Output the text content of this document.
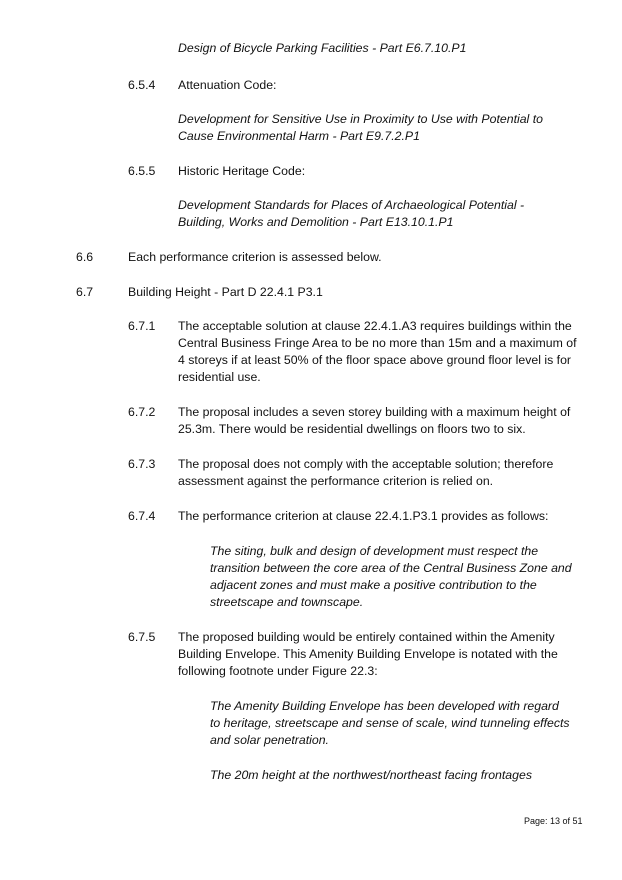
Design of Bicycle Parking Facilities - Part E6.7.10.P1
6.5.4 Attenuation Code:
Development for Sensitive Use in Proximity to Use with Potential to
Cause Environmental Harm - Part E9.7.2.P1
6.5.5 Historic Heritage Code:
Development Standards for Places of Archaeological Potential -
Building, Works and Demolition - Part E13.10.1.P1
6.6	Each performance criterion is assessed below.
6.7	Building Height - Part D 22.4.1 P3.1
6.7.1 The acceptable solution at clause 22.4.1.A3 requires buildings within the
Central Business Fringe Area to be no more than 15m and a maximum of
4 storeys if at least 50% of the floor space above ground floor level is for
residential use.
6.7.2 The proposal includes a seven storey building with a maximum height of
25.3m. There would be residential dwellings on floors two to six.
6.7.3 The proposal does not comply with the acceptable solution; therefore
assessment against the performance criterion is relied on.
6.7.4 The performance criterion at clause 22.4.1.P3.1 provides as follows:
The siting, bulk and design of development must respect the
transition between the core area of the Central Business Zone and
adjacent zones and must make a positive contribution to the
streetscape and townscape.
6.7.5 The proposed building would be entirely contained within the Amenity
Building Envelope. This Amenity Building Envelope is notated with the
following footnote under Figure 22.3:
The Amenity Building Envelope has been developed with regard
to heritage, streetscape and sense of scale, wind tunneling effects
and solar penetration.
The 20m height at the northwest/northeast facing frontages
Page: 13 of 51
